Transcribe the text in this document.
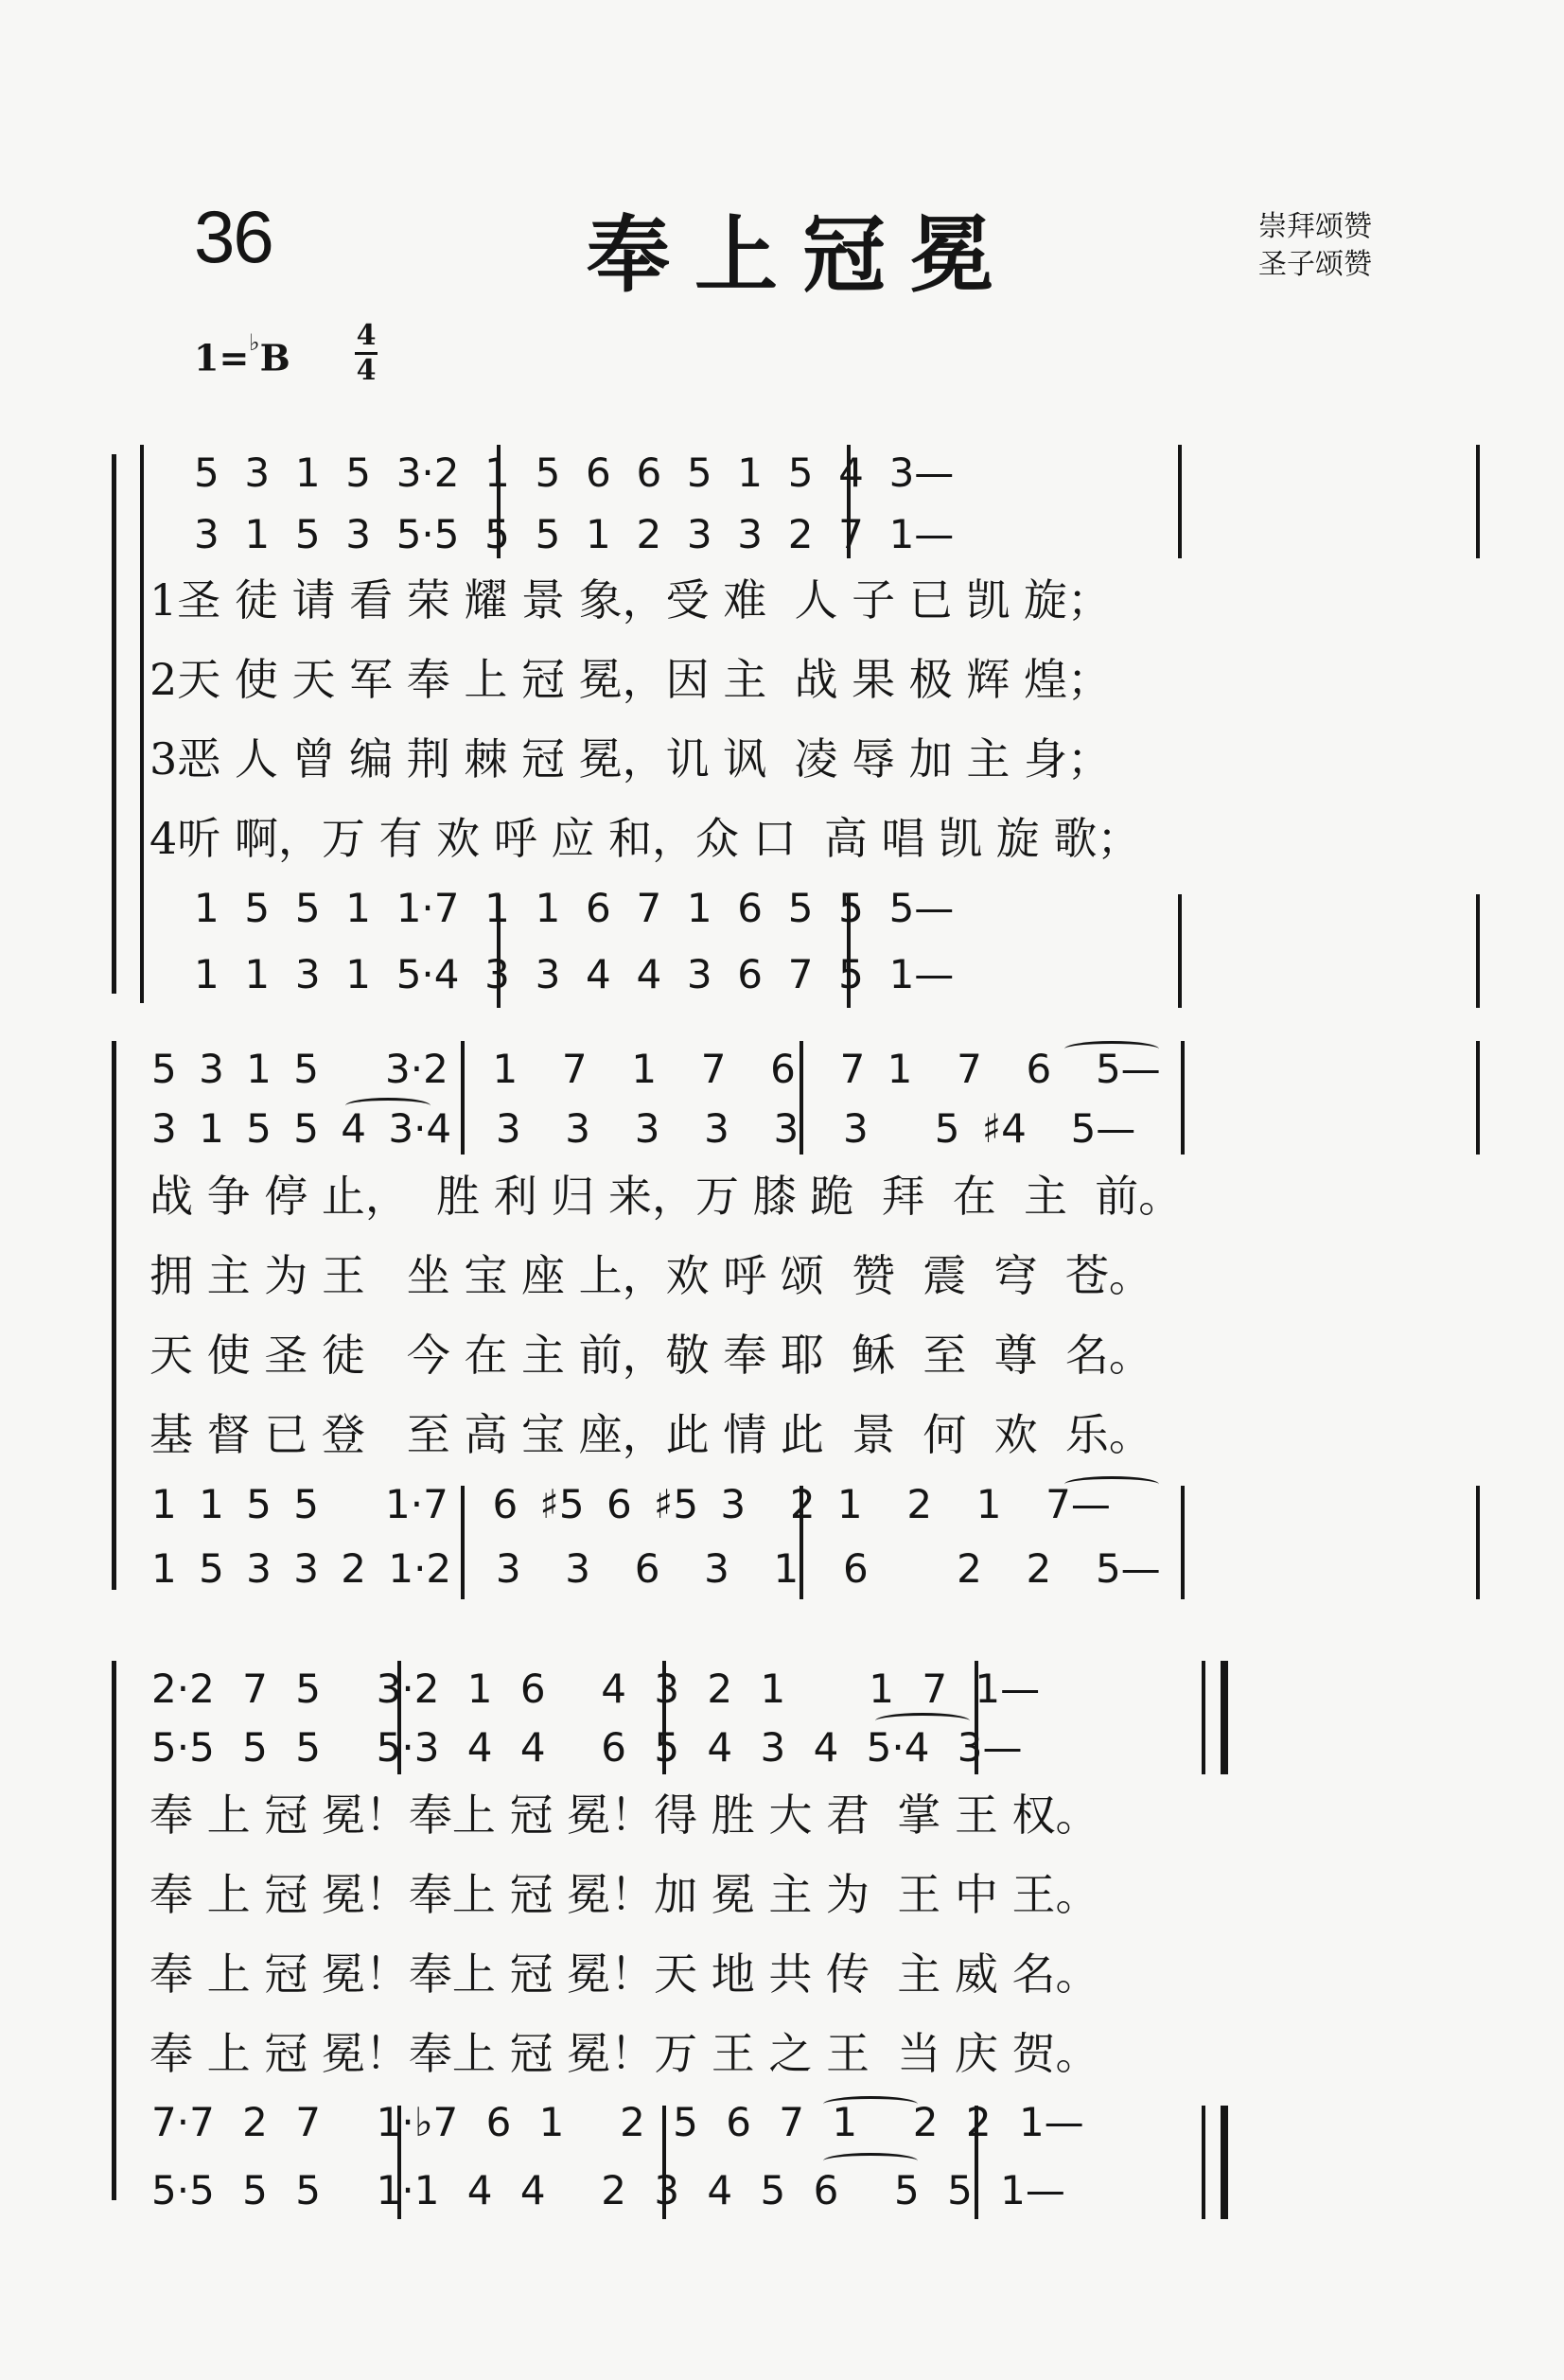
36	奉上冠冕	崇拜颂赞
圣子颂赞
1=♭B
4
4
5  3  1  5  3·2  1  5  6  6  5  1  5  4  3—
3  1  5  3  5·5  5  5  1  2  3  3  2  7  1—
1圣 徒 请 看 荣 耀 景 象，受 难  人 子 已 凯 旋；
2天 使 天 军 奉 上 冠 冕，因 主  战 果 极 辉 煌；
3恶 人 曾 编 荆 棘 冠 冕，讥 讽  凌 辱 加 主 身；
4听 啊，万 有 欢 呼 应 和，众 口  高 唱 凯 旋 歌；
1  5  5  1  1·7  1  1  6  7  1  6  5  5  5—
1  1  3  1  5·4  3  3  4  4  3  6  7  5  1—
5 3 1 5   3·2  1  7  1  7  6  7 1  7  6  5—
3 1 5 5 4 3·4  3  3  3  3  3  3   5 ♯4  5—
战 争 停 止，  胜 利 归 来，万 膝 跪  拜  在  主  前。
拥 主 为 王   坐 宝 座 上，欢 呼 颂  赞  震  穹  苍。
天 使 圣 徒   今 在 主 前，敬 奉 耶  稣  至  尊  名。
基 督 已 登   至 高 宝 座，此 情 此  景  何  欢  乐。
1 1 5 5   1·7  6 ♯5 6 ♯5 3  2 1  2  1  7—
1 5 3 3 2 1·2  3  3  6  3  1  6    2  2  5—
2·2 7 5  3·2 1 6  4 3 2 1   1 7 1—
5·5 5 5  5·3 4 4  6 5 4 3 4 5·4 3—
奉 上 冠 冕！奉上 冠 冕！得 胜 大 君  掌 王 权。
奉 上 冠 冕！奉上 冠 冕！加 冕 主 为  王 中 王。
奉 上 冠 冕！奉上 冠 冕！天 地 共 传  主 威 名。
奉 上 冠 冕！奉上 冠 冕！万 王 之 王  当 庆 贺。
7·7 2 7  1·♭7 6 1  2 5 6 7 1  2 2 1—
5·5 5 5  1·1 4 4  2 3 4 5 6  5 5 1—
